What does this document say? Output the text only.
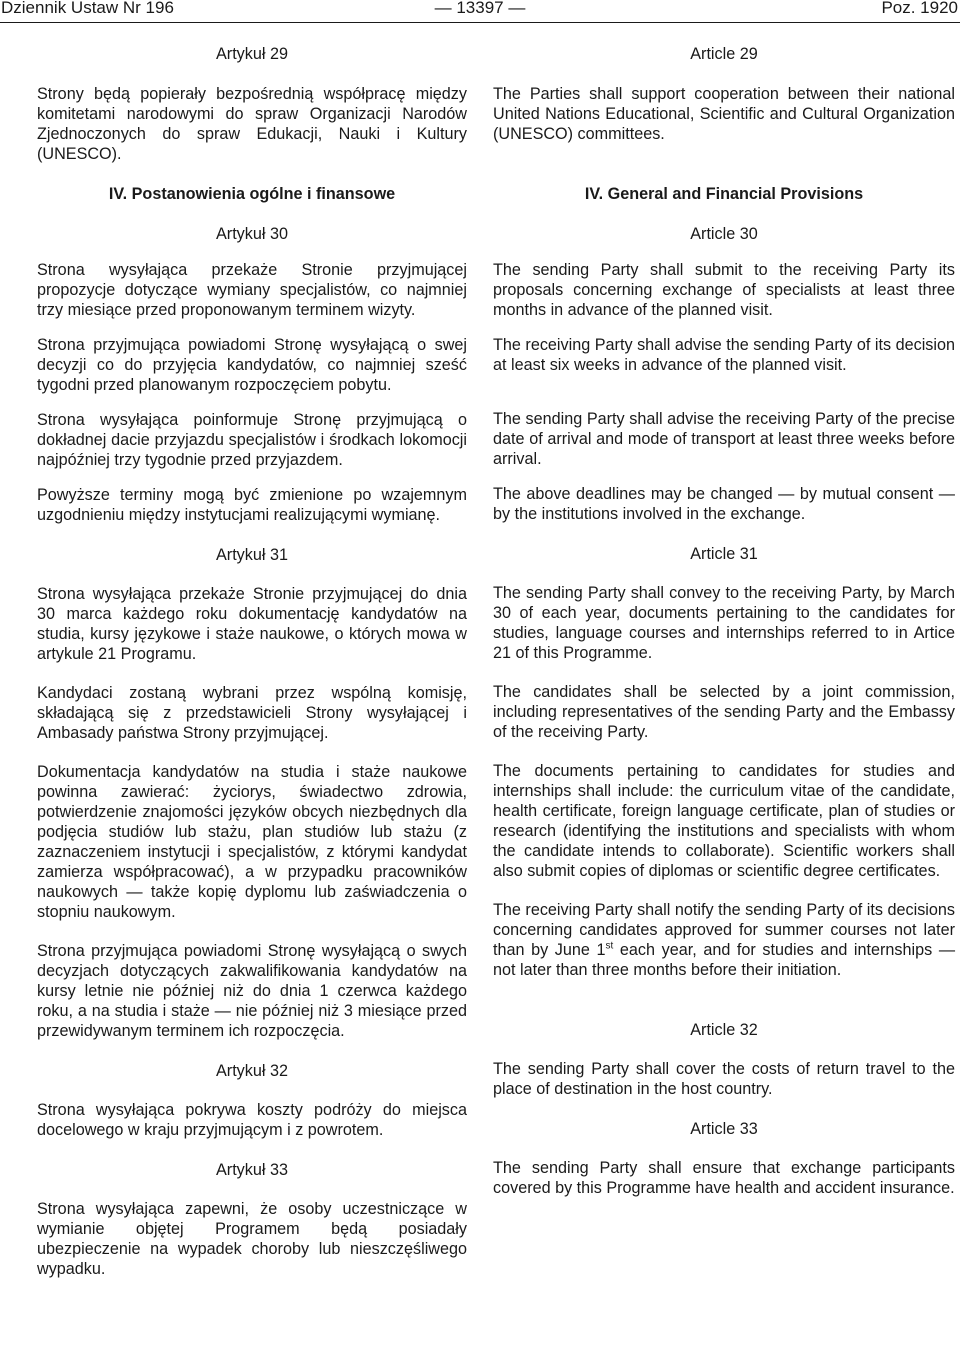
Dziennik Ustaw Nr 196	— 13397 —	Poz. 1920

Artykuł 29

Strony będą popierały bezpośrednią współpracę między komitetami narodowymi do spraw Organizacji Narodów Zjednoczonych do spraw Edukacji, Nauki i Kultury (UNESCO).

IV. Postanowienia ogólne i finansowe

Artykuł 30

Strona wysyłająca przekaże Stronie przyjmującej propozycje dotyczące wymiany specjalistów, co najmniej trzy miesiące przed proponowanym terminem wizyty.

Strona przyjmująca powiadomi Stronę wysyłającą o swej decyzji co do przyjęcia kandydatów, co najmniej sześć tygodni przed planowanym rozpoczęciem pobytu.

Strona wysyłająca poinformuje Stronę przyjmującą o dokładnej dacie przyjazdu specjalistów i środkach lokomocji najpóźniej trzy tygodnie przed przyjazdem.

Powyższe terminy mogą być zmienione po wzajemnym uzgodnieniu między instytucjami realizującymi wymianę.

Artykuł 31

Strona wysyłająca przekaże Stronie przyjmującej do dnia 30 marca każdego roku dokumentację kandydatów na studia, kursy językowe i staże naukowe, o których mowa w artykule 21 Programu.

Kandydaci zostaną wybrani przez wspólną komisję, składającą się z przedstawicieli Strony wysyłającej i Ambasady państwa Strony przyjmującej.

Dokumentacja kandydatów na studia i staże naukowe powinna zawierać: życiorys, świadectwo zdrowia, potwierdzenie znajomości języków obcych niezbędnych dla podjęcia studiów lub stażu, plan studiów lub stażu (z zaznaczeniem instytucji i specjalistów, z którymi kandydat zamierza współpracować), a w przypadku pracowników naukowych — także kopię dyplomu lub zaświadczenia o stopniu naukowym.

Strona przyjmująca powiadomi Stronę wysyłającą o swych decyzjach dotyczących zakwalifikowania kandydatów na kursy letnie nie później niż do dnia 1 czerwca każdego roku, a na studia i staże — nie później niż 3 miesiące przed przewidywanym terminem ich rozpoczęcia.

Artykuł 32

Strona wysyłająca pokrywa koszty podróży do miejsca docelowego w kraju przyjmującym i z powrotem.

Artykuł 33

Strona wysyłająca zapewni, że osoby uczestniczące w wymianie objętej Programem będą posiadały ubezpieczenie na wypadek choroby lub nieszczęśliwego wypadku.

Article 29

The Parties shall support cooperation between their national United Nations Educational, Scientific and Cultural Organization (UNESCO) committees.

IV. General and Financial Provisions

Article 30

The sending Party shall submit to the receiving Party its proposals concerning exchange of specialists at least three months in advance of the planned visit.

The receiving Party shall advise the sending Party of its decision at least six weeks in advance of the planned visit.

The sending Party shall advise the receiving Party of the precise date of arrival and mode of transport at least three weeks before arrival.

The above deadlines may be changed — by mutual consent — by the institutions involved in the exchange.

Article 31

The sending Party shall convey to the receiving Party, by March 30 of each year, documents pertaining to the candidates for studies, language courses and internships referred to in Artice 21 of this Programme.

The candidates shall be selected by a joint commission, including representatives of the sending Party and the Embassy of the receiving Party.

The documents pertaining to candidates for studies and internships shall include: the curriculum vitae of the candidate, health certificate, foreign language certificate, plan of studies or research (identifying the institutions and specialists with whom the candidate intends to collaborate). Scientific workers shall also submit copies of diplomas or scientific degree certificates.

The receiving Party shall notify the sending Party of its decisions concerning candidates approved for summer courses not later than by June 1st each year, and for studies and internships — not later than three months before their initiation.

Article 32

The sending Party shall cover the costs of return travel to the place of destination in the host country.

Article 33

The sending Party shall ensure that exchange participants covered by this Programme have health and accident insurance.
